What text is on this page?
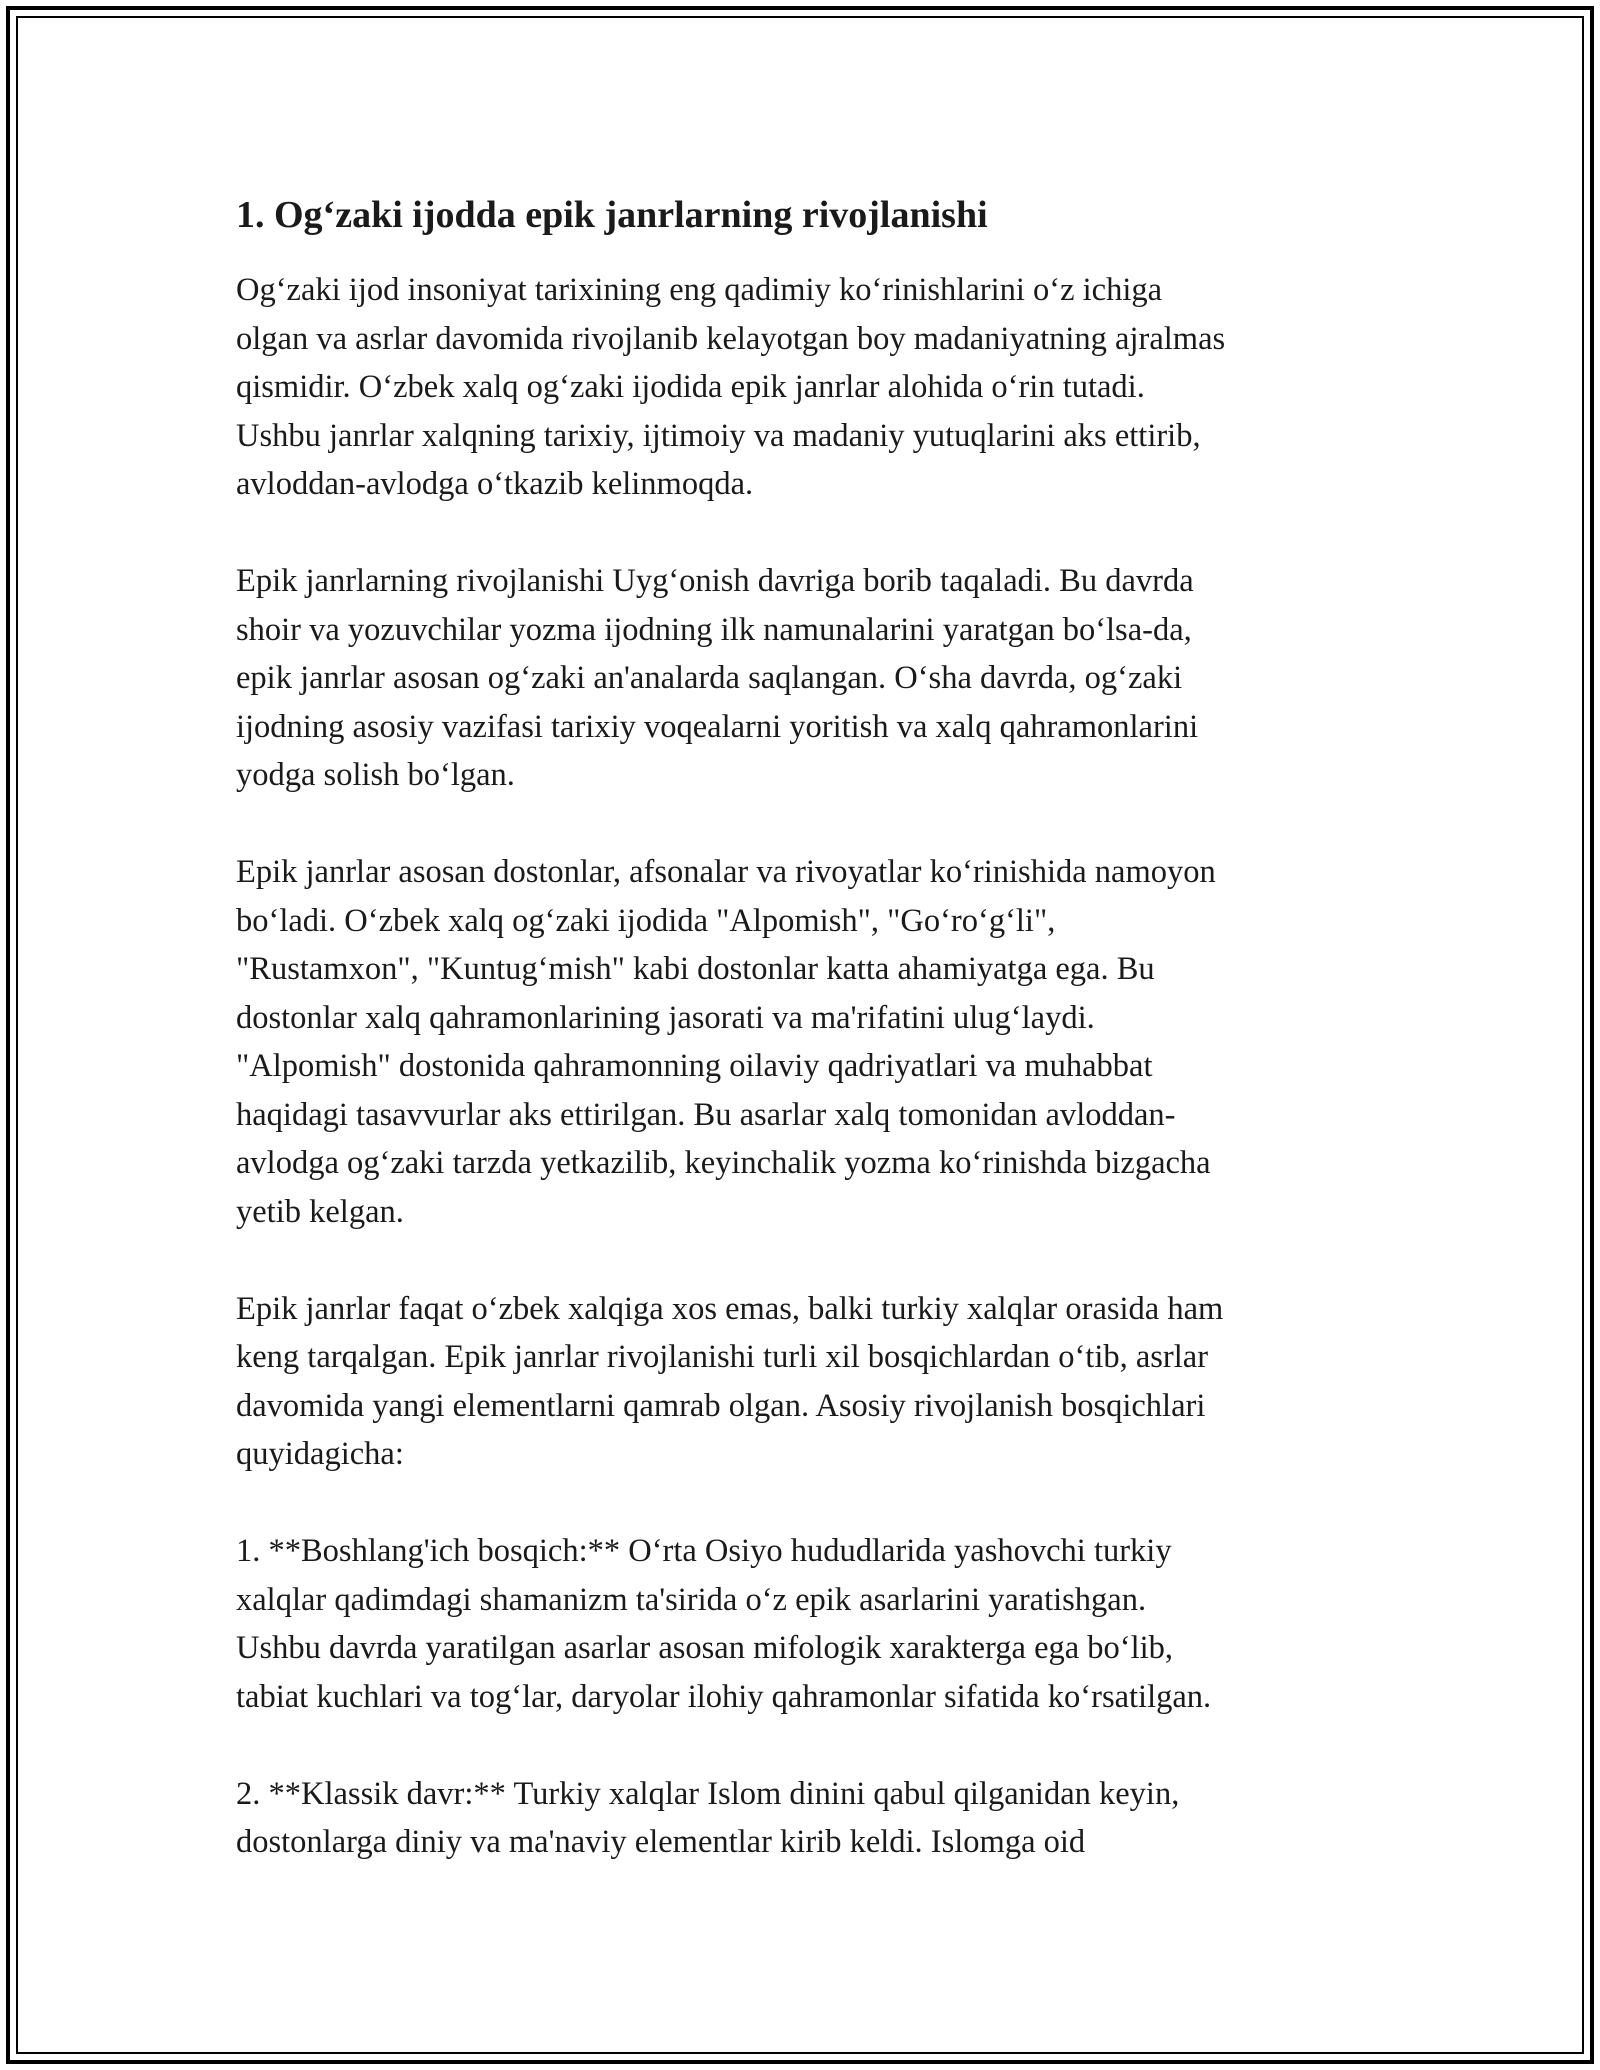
1. Og‘zaki ijodda epik janrlarning rivojlanishi
Og‘zaki ijod insoniyat tarixining eng qadimiy ko‘rinishlarini o‘z ichiga
olgan va asrlar davomida rivojlanib kelayotgan boy madaniyatning ajralmas
qismidir. O‘zbek xalq og‘zaki ijodida epik janrlar alohida o‘rin tutadi.
Ushbu janrlar xalqning tarixiy, ijtimoiy va madaniy yutuqlarini aks ettirib,
avloddan-avlodga o‘tkazib kelinmoqda.
Epik janrlarning rivojlanishi Uyg‘onish davriga borib taqaladi. Bu davrda
shoir va yozuvchilar yozma ijodning ilk namunalarini yaratgan bo‘lsa-da,
epik janrlar asosan og‘zaki an'analarda saqlangan. O‘sha davrda, og‘zaki
ijodning asosiy vazifasi tarixiy voqealarni yoritish va xalq qahramonlarini
yodga solish bo‘lgan.
Epik janrlar asosan dostonlar, afsonalar va rivoyatlar ko‘rinishida namoyon
bo‘ladi. O‘zbek xalq og‘zaki ijodida "Alpomish", "Go‘ro‘g‘li",
"Rustamxon", "Kuntug‘mish" kabi dostonlar katta ahamiyatga ega. Bu
dostonlar xalq qahramonlarining jasorati va ma'rifatini ulug‘laydi.
"Alpomish" dostonida qahramonning oilaviy qadriyatlari va muhabbat
haqidagi tasavvurlar aks ettirilgan. Bu asarlar xalq tomonidan avloddan-
avlodga og‘zaki tarzda yetkazilib, keyinchalik yozma ko‘rinishda bizgacha
yetib kelgan.
Epik janrlar faqat o‘zbek xalqiga xos emas, balki turkiy xalqlar orasida ham
keng tarqalgan. Epik janrlar rivojlanishi turli xil bosqichlardan o‘tib, asrlar
davomida yangi elementlarni qamrab olgan. Asosiy rivojlanish bosqichlari
quyidagicha:
1. **Boshlang'ich bosqich:** O‘rta Osiyo hududlarida yashovchi turkiy
xalqlar qadimdagi shamanizm ta'sirida o‘z epik asarlarini yaratishgan.
Ushbu davrda yaratilgan asarlar asosan mifologik xarakterga ega bo‘lib,
tabiat kuchlari va tog‘lar, daryolar ilohiy qahramonlar sifatida ko‘rsatilgan.
2. **Klassik davr:** Turkiy xalqlar Islom dinini qabul qilganidan keyin,
dostonlarga diniy va ma'naviy elementlar kirib keldi. Islomga oid
